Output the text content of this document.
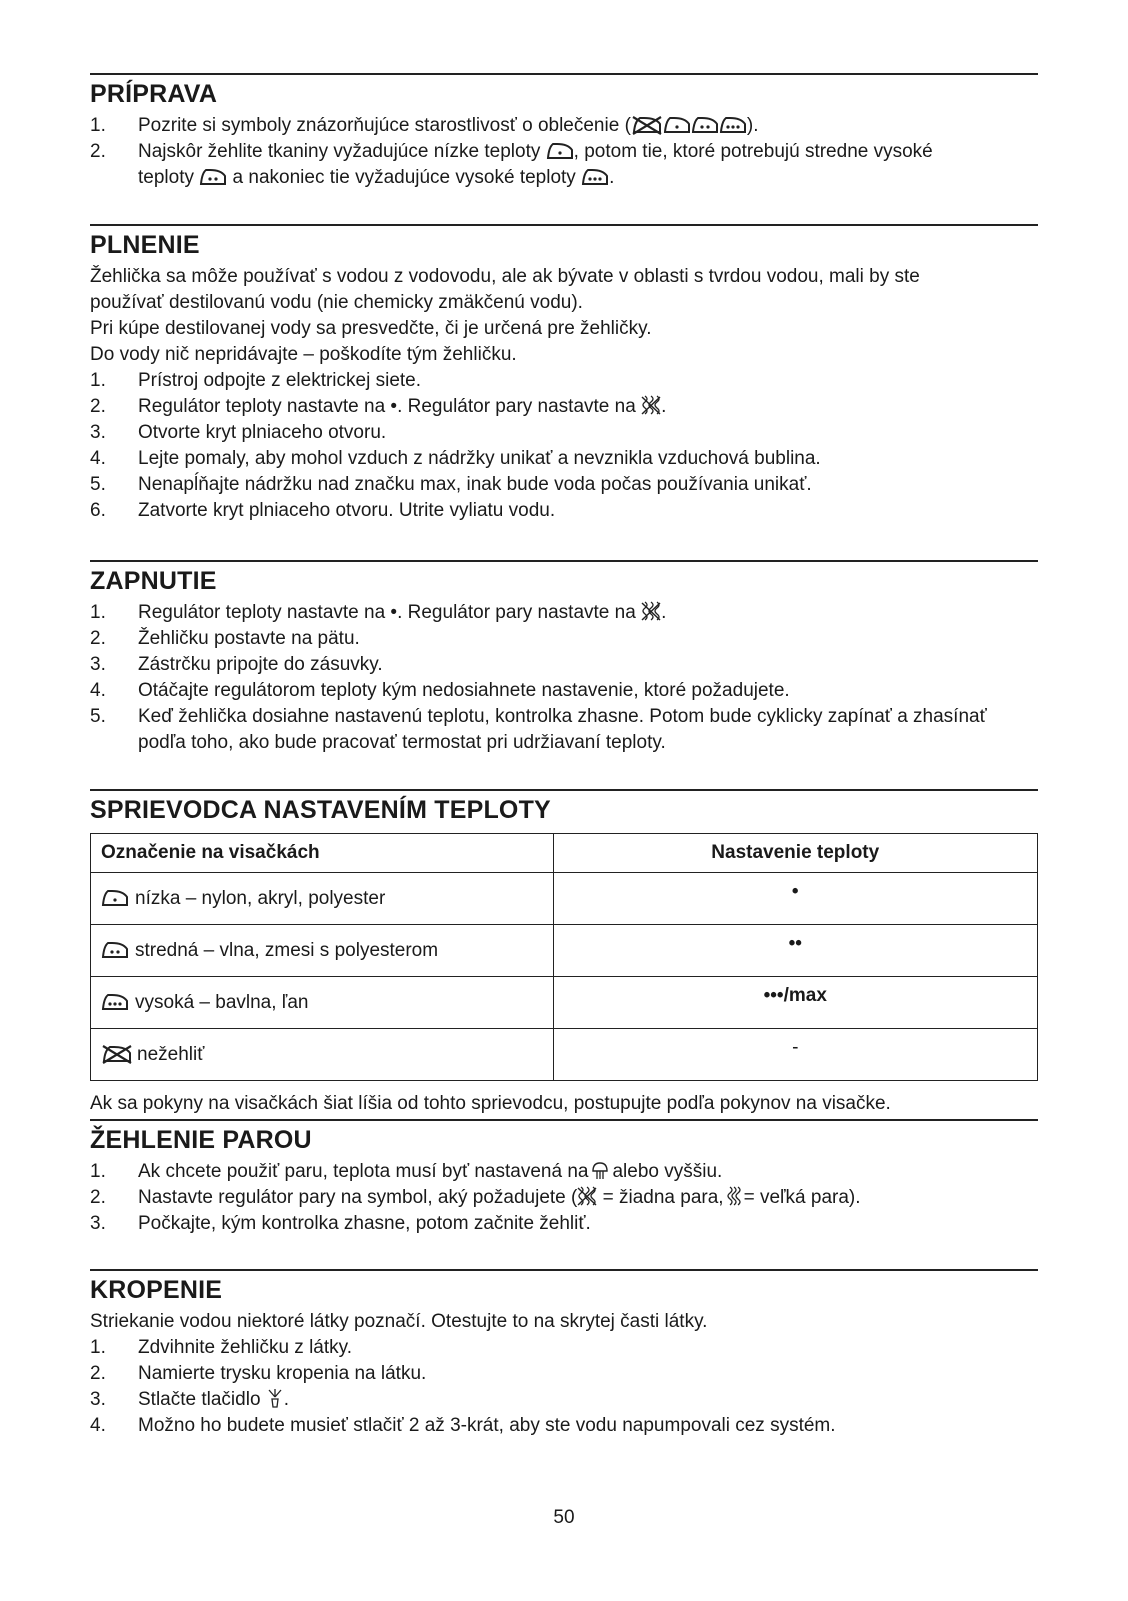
PRÍPRAVA
1.	Pozrite si symboly znázorňujúce starostlivosť o oblečenie (	).
2.	Najskôr žehlite tkaniny vyžadujúce nízke teploty , potom tie, ktoré potrebujú stredne vysoké
teploty a nakoniec tie vyžadujúce vysoké teploty .
PLNENIE
Žehlička sa môže používať s vodou z vodovodu, ale ak bývate v oblasti s tvrdou vodou, mali by ste používať destilovanú vodu (nie chemicky zmäkčenú vodu).
Pri kúpe destilovanej vody sa presvedčte, či je určená pre žehličky.
Do vody nič nepridávajte – poškodíte tým žehličku.
1.	Prístroj odpojte z elektrickej siete.
2.	Regulátor teploty nastavte na •. Regulátor pary nastavte na .
3.	Otvorte kryt plniaceho otvoru.
4.	Lejte pomaly, aby mohol vzduch z nádržky unikať a nevznikla vzduchová bublina.
5.	Nenapĺňajte nádržku nad značku max, inak bude voda počas používania unikať.
6.	Zatvorte kryt plniaceho otvoru. Utrite vyliatu vodu.
ZAPNUTIE
1.	Regulátor teploty nastavte na •. Regulátor pary nastavte na .
2.	Žehličku postavte na pätu.
3.	Zástrčku pripojte do zásuvky.
4.	Otáčajte regulátorom teploty kým nedosiahnete nastavenie, ktoré požadujete.
5.	Keď žehlička dosiahne nastavenú teplotu, kontrolka zhasne. Potom bude cyklicky zapínať a zhasínať podľa toho, ako bude pracovať termostat pri udržiavaní teploty.
SPRIEVODCA NASTAVENÍM TEPLOTY
Označenie na visačkách	Nastavenie teploty

nízka – nylon, akryl, polyester	•

stredná – vlna, zmesi s polyesterom	••

vysoká – bavlna, ľan	•••/max

nežehliť	-
Ak sa pokyny na visačkách šiat líšia od tohto sprievodcu, postupujte podľa pokynov na visačke.
ŽEHLENIE PAROU
1.	Ak chcete použiť paru, teplota musí byť nastavená na alebo vyššiu.
2.	Nastavte regulátor pary na symbol, aký požadujete ( = žiadna para, = veľká para).
3.	Počkajte, kým kontrolka zhasne, potom začnite žehliť.
KROPENIE
Striekanie vodou niektoré látky poznačí. Otestujte to na skrytej časti látky.
1.	Zdvihnite žehličku z látky.
2.	Namierte trysku kropenia na látku.
3.	Stlačte tlačidlo .
4.	Možno ho budete musieť stlačiť 2 až 3-krát, aby ste vodu napumpovali cez systém.
50
